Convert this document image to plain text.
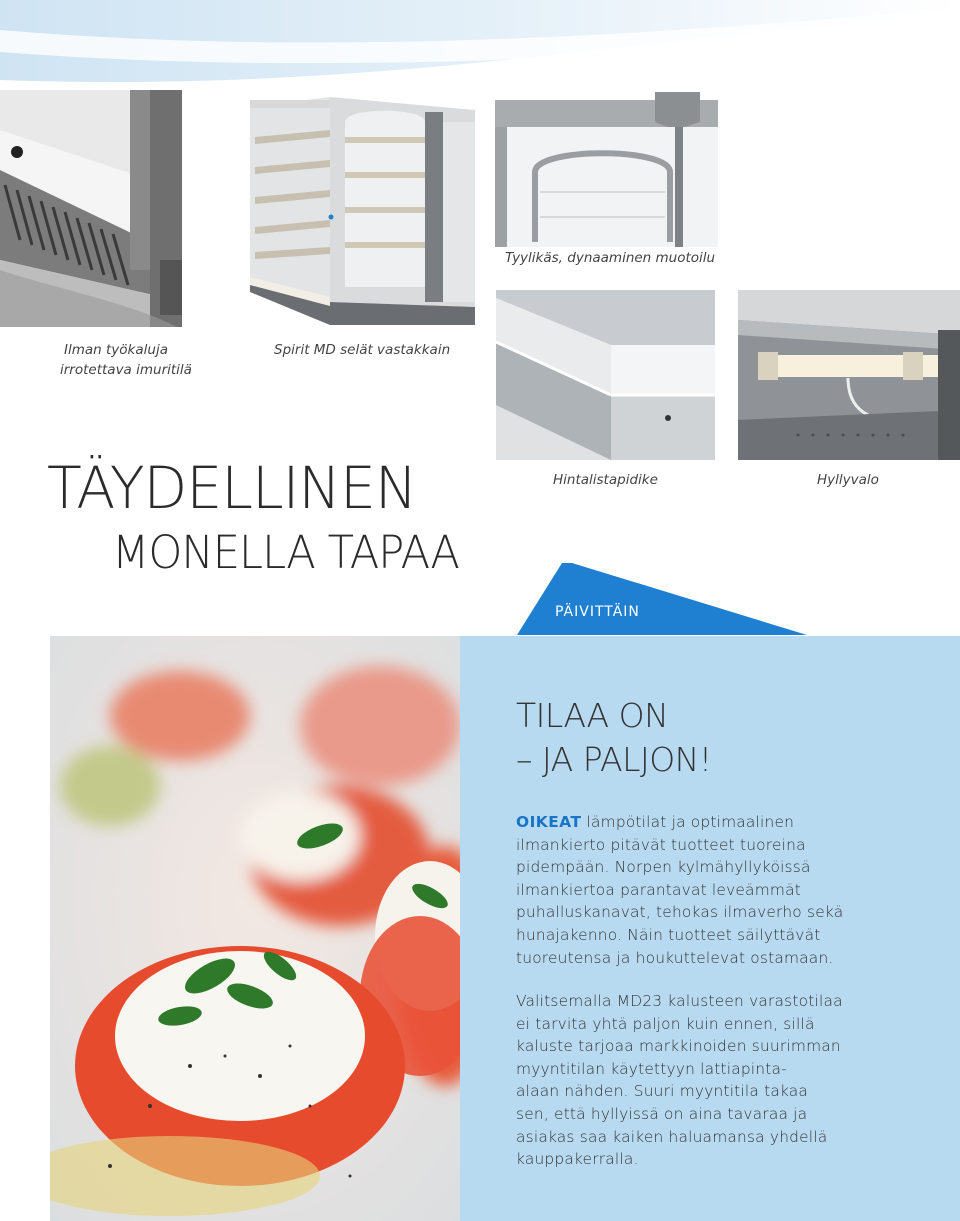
Ilman työkaluja
irrotettava imuritilä
Spirit MD selät vastakkain
Tyylikäs, dynaaminen muotoilu
Hintalistapidike	Hyllyvalo
TÄYDELLINEN
MONELLA TAPAA
PÄIVITTÄIN
TILAA ON
– JA PALJON!
OIKEAT lämpötilat ja optimaalinen
ilmankierto pitävät tuotteet tuoreina
pidempään. Norpen kylmähyllyköissä
ilmankiertoa parantavat leveämmät
puhalluskanavat, tehokas ilmaverho sekä
hunajakenno. Näin tuotteet säilyttävät
tuoreutensa ja houkuttelevat ostamaan.
Valitsemalla MD23 kalusteen varastotilaa
ei tarvita yhtä paljon kuin ennen, sillä
kaluste tarjoaa markkinoiden suurimman
myyntitilan käytettyyn lattiapinta-
alaan nähden. Suuri myyntitila takaa
sen, että hyllyissä on aina tavaraa ja
asiakas saa kaiken haluamansa yhdellä
kauppakerralla.
